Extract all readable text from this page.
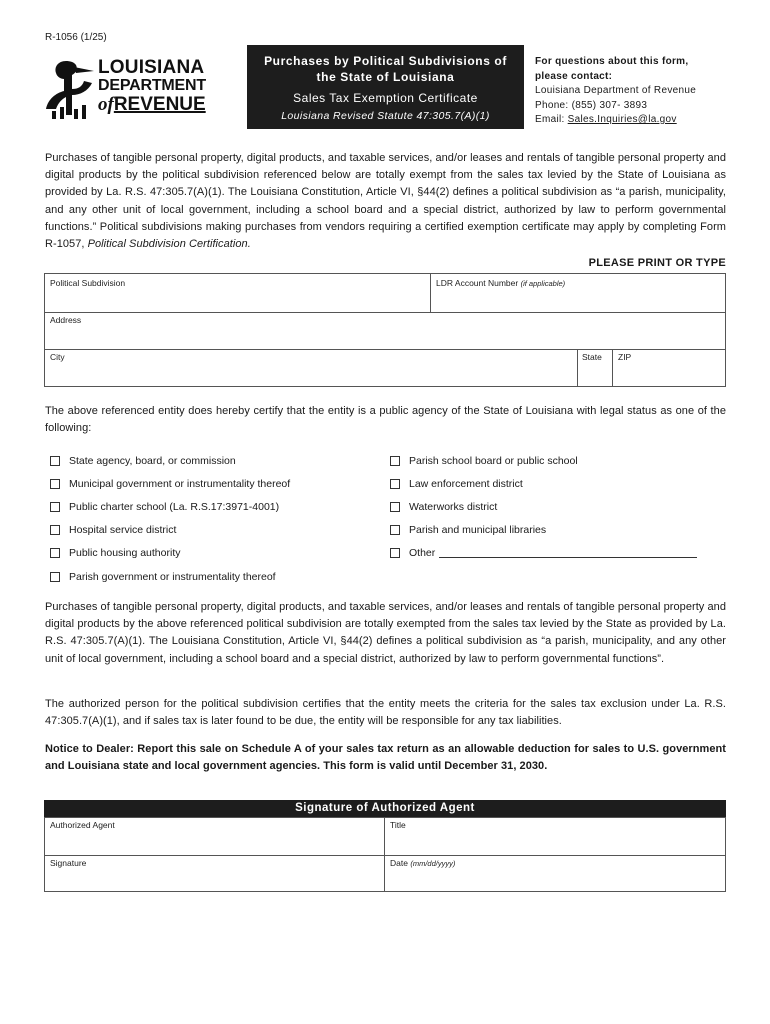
R-1056 (1/25)
LOUISIANA
DEPARTMENT
ofREVENUE
Purchases by Political Subdivisions of
the State of Louisiana
Sales Tax Exemption Certificate
Louisiana Revised Statute 47:305.7(A)(1)
For questions about this form,
please contact:
Louisiana Department of Revenue
Phone: (855) 307- 3893
Email: Sales.Inquiries@la.gov
Purchases of tangible personal property, digital products, and taxable services, and/or leases and rentals of tangible personal property and digital products by the political subdivision referenced below are totally exempt from the sales tax levied by the State of Louisiana as provided by La. R.S. 47:305.7(A)(1). The Louisiana Constitution, Article VI, §44(2) defines a political subdivision as “a parish, municipality, and any other unit of local government, including a school board and a special district, authorized by law to perform governmental functions.” Political subdivisions making purchases from vendors requiring a certified exemption certificate may apply by completing Form R-1057, Political Subdivision Certification.
PLEASE PRINT OR TYPE
Political Subdivision	LDR Account Number (if applicable)
Address
City	State ZIP
The above referenced entity does hereby certify that the entity is a public agency of the State of Louisiana with legal status as one of the following:
State agency, board, or commission
Municipal government or instrumentality thereof
Public charter school (La. R.S.17:3971-4001)
Hospital service district
Public housing authority
Parish government or instrumentality thereof
Parish school board or public school
Law enforcement district
Waterworks district
Parish and municipal libraries
Other
Purchases of tangible personal property, digital products, and taxable services, and/or leases and rentals of tangible personal property and digital products by the above referenced political subdivision are totally exempted from the sales tax levied by the State as provided by La. R.S. 47:305.7(A)(1). The Louisiana Constitution, Article VI, §44(2) defines a political subdivision as “a parish, municipality, and any other unit of local government, including a school board and a special district, authorized by law to perform governmental functions”.
The authorized person for the political subdivision certifies that the entity meets the criteria for the sales tax exclusion under La. R.S. 47:305.7(A)(1), and if sales tax is later found to be due, the entity will be responsible for any tax liabilities.
Notice to Dealer: Report this sale on Schedule A of your sales tax return as an allowable deduction for sales to U.S. government and Louisiana state and local government agencies. This form is valid until December 31, 2030.
Signature of Authorized Agent
Authorized Agent	Title
Signature	Date (mm/dd/yyyy)
